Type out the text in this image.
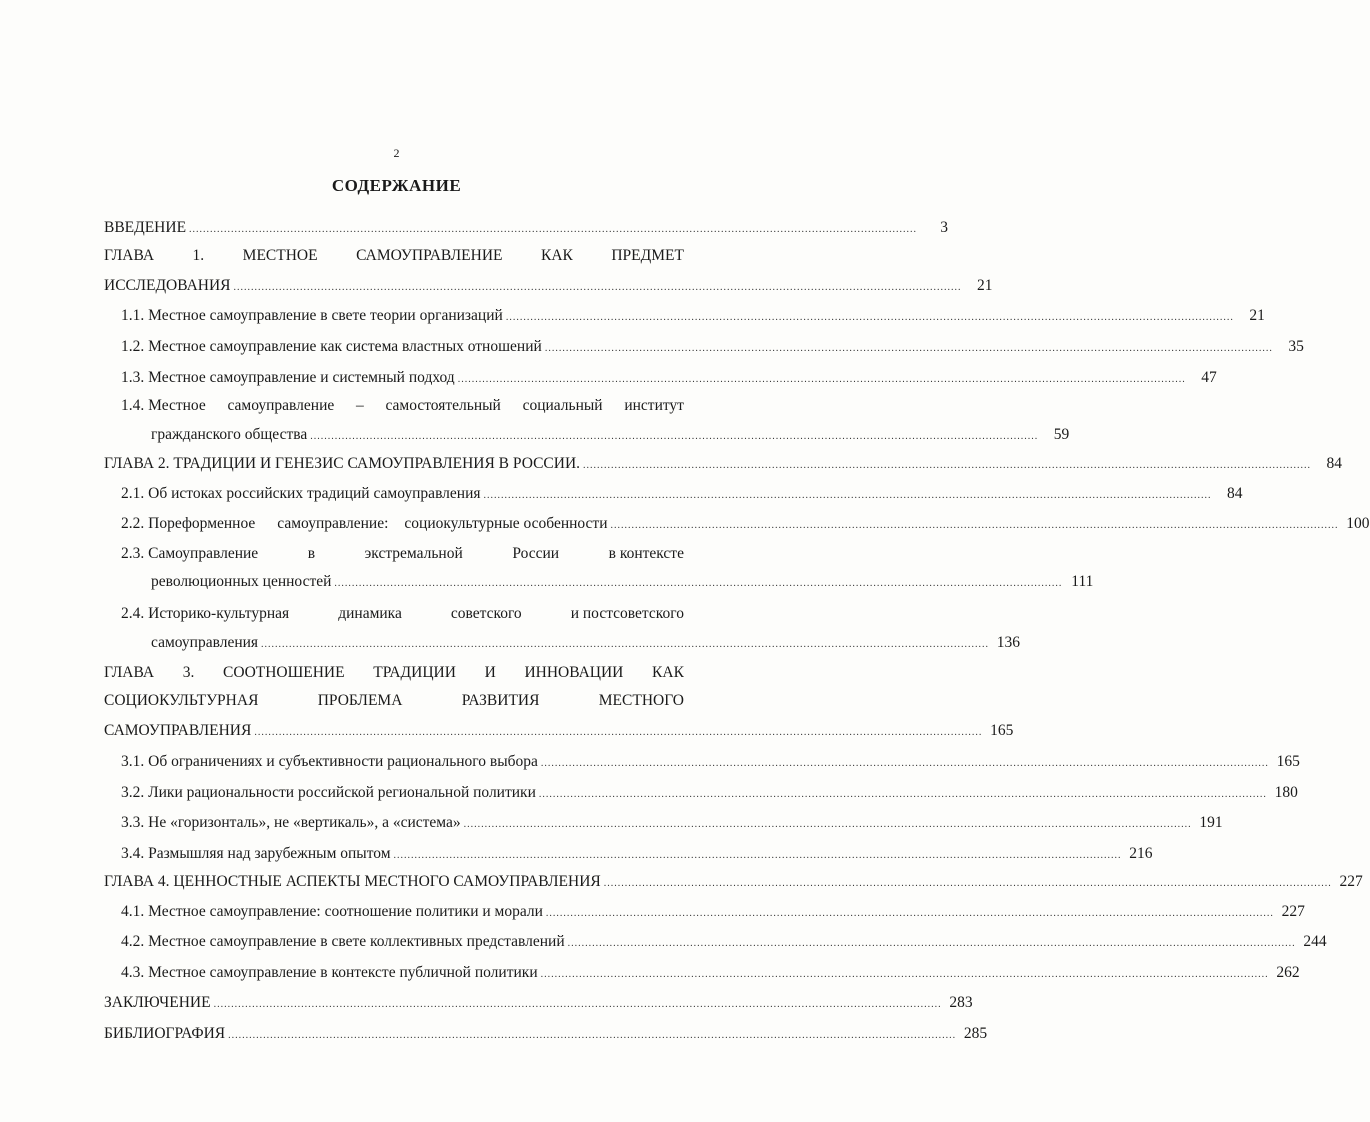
2
СОДЕРЖАНИЕ
ВВЕДЕНИЕ ................................................................................................................................................................................................................	3
ГЛАВА 1. МЕСТНОЕ САМОУПРАВЛЕНИЕ КАК ПРЕДМЕТ
ИССЛЕДОВАНИЯ ................................................................................................................................................................................................................	21
1.1. Местное самоуправление в свете теории организаций ................................................................................................................................................................................................................	21
1.2. Местное самоуправление как система властных отношений ................................................................................................................................................................................................................	35
1.3. Местное самоуправление и системный подход ................................................................................................................................................................................................................	47
1.4. Местное самоуправление – самостоятельный социальный институт
гражданского общества ................................................................................................................................................................................................................	59
ГЛАВА 2. ТРАДИЦИИ И ГЕНЕЗИС САМОУПРАВЛЕНИЯ В РОССИИ. ................................................................................................................................................................................................................	84
2.1. Об истоках российских традиций самоуправления ................................................................................................................................................................................................................	84
2.2. Пореформенное самоуправление: социокультурные особенности ................................................................................................................................................................................................................ 100
2.3. Самоуправление	в	экстремальной	России	в контексте
революционных ценностей ................................................................................................................................................................................................................ 111
2.4. Историко-культурная	динамика	советского	и постсоветского
самоуправления ................................................................................................................................................................................................................ 136
ГЛАВА 3. СООТНОШЕНИЕ ТРАДИЦИИ И ИННОВАЦИИ КАК
СОЦИОКУЛЬТУРНАЯ	ПРОБЛЕМА	РАЗВИТИЯ	МЕСТНОГО
САМОУПРАВЛЕНИЯ ................................................................................................................................................................................................................ 165
3.1. Об ограничениях и субъективности рационального выбора ................................................................................................................................................................................................................ 165
3.2. Лики рациональности российской региональной политики ................................................................................................................................................................................................................ 180
3.3. Не «горизонталь», не «вертикаль», а «система» ................................................................................................................................................................................................................ 191
3.4. Размышляя над зарубежным опытом ................................................................................................................................................................................................................ 216
ГЛАВА 4. ЦЕННОСТНЫЕ АСПЕКТЫ МЕСТНОГО САМОУПРАВЛЕНИЯ ................................................................................................................................................................................................................ 227
4.1. Местное самоуправление: соотношение политики и морали ................................................................................................................................................................................................................ 227
4.2. Местное самоуправление в свете коллективных представлений ................................................................................................................................................................................................................ 244
4.3. Местное самоуправление в контексте публичной политики ................................................................................................................................................................................................................ 262
ЗАКЛЮЧЕНИЕ ................................................................................................................................................................................................................ 283
БИБЛИОГРАФИЯ ................................................................................................................................................................................................................ 285
